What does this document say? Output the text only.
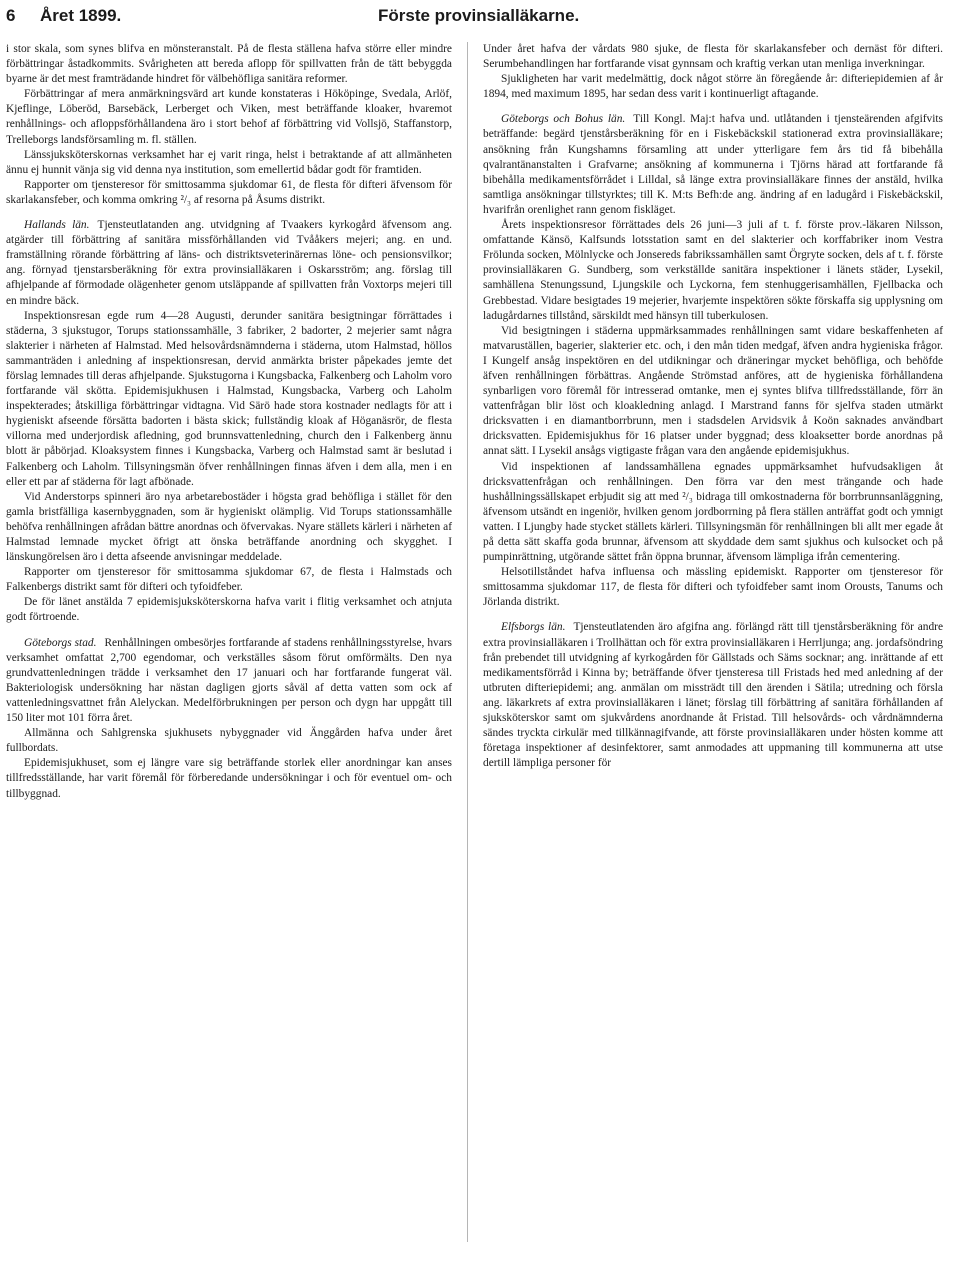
6 Året 1899.	Förste provinsialläkarne.

i stor skala, som synes blifva en mönsteranstalt. På de flesta ställena hafva större eller mindre förbättringar åstadkommits. Svårigheten att bereda aflopp för spillvatten från de tätt bebyggda byarne är det mest framträdande hindret för välbehöfliga sanitära reformer.

Förbättringar af mera anmärkningsvärd art kunde konstateras i Hököpinge, Svedala, Arlöf, Kjeflinge, Löberöd, Barsebäck, Lerberget och Viken, mest beträffande kloaker, hvaremot renhållnings- och afloppsförhållandena äro i stort behof af förbättring vid Vollsjö, Staffanstorp, Trelleborgs landsförsamling m. fl. ställen.

Länssjuksköterskornas verksamhet har ej varit ringa, helst i betraktande af att allmänheten ännu ej hunnit vänja sig vid denna nya institution, som emellertid bådar godt för framtiden.

Rapporter om tjensteresor för smittosamma sjukdomar 61, de flesta för difteri äfvensom för skarlakansfeber, och komma omkring ²/₃ af resorna på Åsums distrikt.

Hallands län. Tjensteutlatanden ang. utvidgning af Tvaakers kyrkogård äfvensom ang. atgärder till förbättring af sanitära missförhållanden vid Tvååkers mejeri; ang. en und. framställning rörande förbättring af läns- och distriktsveterinärernas löne- och pensionsvilkor; ang. förnyad tjenstarsberäkning för extra provinsialläkaren i Oskarsström; ang. förslag till afhjelpande af förmodade olägenheter genom utsläppande af spillvatten från Voxtorps mejeri till en mindre bäck.

Inspektionsresan egde rum 4—28 Augusti, derunder sanitära besigtningar förrättades i städerna, 3 sjukstugor, Torups stationssamhälle, 3 fabriker, 2 badorter, 2 mejerier samt några slakterier i närheten af Halmstad. Med helsovårdsnämnderna i städerna, utom Halmstad, höllos sammanträden i anledning af inspektionsresan, dervid anmärkta brister påpekades jemte det förslag lemnades till deras afhjelpande. Sjukstugorna i Kungsbacka, Falkenberg och Laholm voro fortfarande väl skötta. Epidemisjukhusen i Halmstad, Kungsbacka, Varberg och Laholm inspekterades; åtskilliga förbättringar vidtagna. Vid Särö hade stora kostnader nedlagts för att i hygieniskt afseende försätta badorten i bästa skick; fullständig kloak af Höganäsrör, de flesta villorna med underjordisk afledning, god brunnsvattenledning, church den i Falkenberg ännu blott är påbörjad. Kloaksystem finnes i Kungsbacka, Varberg och Halmstad samt är beslutad i Falkenberg och Laholm. Tillsyningsmän öfver renhållningen finnas äfven i dem alla, men i en eller ett par af städerna för lagt afbönade.

Vid Anderstorps spinneri äro nya arbetarebostäder i högsta grad behöfliga i stället för den gamla bristfälliga kasernbyggnaden, som är hygieniskt olämplig. Vid Torups stationssamhälle behöfva renhållningen afrådan bättre anordnas och öfvervakas. Nyare ställets kärleri i närheten af Halmstad lemnade mycket öfrigt att önska beträffande anordning och skygghet. I länskungörelsen äro i detta afseende anvisningar meddelade.

Rapporter om tjensteresor för smittosamma sjukdomar 67, de flesta i Halmstads och Falkenbergs distrikt samt för difteri och tyfoidfeber.

De för länet anstälda 7 epidemisjuksköterskorna hafva varit i flitig verksamhet och atnjuta godt förtroende.

Göteborgs stad. Renhållningen ombesörjes fortfarande af stadens renhållningsstyrelse, hvars verksamhet omfattat 2,700 egendomar, och verkställes såsom förut omförmälts. Den nya grundvattenledningen trädde i verksamhet den 17 januari och har fortfarande fungerat väl. Bakteriologisk undersökning har nästan dagligen gjorts såväl af detta vatten som ock af vattenledningsvattnet från Alelyckan. Medelförbrukningen per person och dygn har uppgått till 150 liter mot 101 förra året.

Allmänna och Sahlgrenska sjukhusets nybyggnader vid Änggården hafva under året fullbordats.

Epidemisjukhuset, som ej längre vare sig beträffande storlek eller anordningar kan anses tillfredsställande, har varit föremål för förberedande undersökningar i och för eventuel om- och tillbyggnad.

Under året hafva der vårdats 980 sjuke, de flesta för skarlakansfeber och dernäst för difteri. Serumbehandlingen har fortfarande visat gynnsam och kraftig verkan utan menliga inverkningar.

Sjukligheten har varit medelmättig, dock något större än föregående år: difteriepidemien af år 1894, med maximum 1895, har sedan dess varit i kontinuerligt aftagande.

Göteborgs och Bohus län. Till Kongl. Maj:t hafva und. utlåtanden i tjensteärenden afgifvits beträffande: begärd tjenstårsberäkning för en i Fiskebäckskil stationerad extra provinsialläkare; ansökning från Kungshamns församling att under ytterligare fem års tid få bibehålla qvalrantänanstalten i Grafvarne; ansökning af kommunerna i Tjörns härad att fortfarande få bibehålla medikamentsförrådet i Lilldal, så länge extra provinsialläkare finnes der anstäld, hvilka samtliga ansökningar tillstyrktes; till K. M:ts Befh:de ang. ändring af en ladugård i Fiskebäckskil, hvarifrån orenlighet rann genom fiskläget.

Årets inspektionsresor förrättades dels 26 juni—3 juli af t. f. förste prov.-läkaren Nilsson, omfattande Känsö, Kalfsunds lotsstation samt en del slakterier och korffabriker inom Vestra Frölunda socken, Mölnlycke och Jonsereds fabrikssamhällen samt Örgryte socken, dels af t. f. förste provinsialläkaren G. Sundberg, som verkställde sanitära inspektioner i länets städer, Lysekil, samhällena Stenungssund, Ljungskile och Lyckorna, fem stenhuggerisamhällen, Fjellbacka och Grebbestad. Vidare besigtades 19 mejerier, hvarjemte inspektören sökte förskaffa sig upplysning om ladugårdarnes tillstånd, särskildt med hänsyn till tuberkulosen.

Vid besigtningen i städerna uppmärksammades renhållningen samt vidare beskaffenheten af matvaruställen, bagerier, slakterier etc. och, i den mån tiden medgaf, äfven andra hygieniska frågor. I Kungelf ansåg inspektören en del utdikningar och dräneringar mycket behöfliga, och behöfde äfven renhållningen förbättras. Angående Strömstad anföres, att de hygieniska förhållandena synbarligen voro föremål för intresserad omtanke, men ej syntes blifva tillfredsställande, förr än vattenfrågan blir löst och kloakledning anlagd. I Marstrand fanns för sjelfva staden utmärkt dricksvatten i en diamantborrbrunn, men i stadsdelen Arvidsvik å Koön saknades användbart dricksvatten. Epidemisjukhus för 16 platser under byggnad; dess kloaksetter borde anordnas på annat sätt. I Lysekil ansågs vigtigaste frågan vara den angående epidemisjukhus.

Vid inspektionen af landssamhällena egnades uppmärksamhet hufvudsakligen åt dricksvattenfrågan och renhållningen. Den förra var den mest trängande och hade hushållningssällskapet erbjudit sig att med ²/₃ bidraga till omkostnaderna för borrbrunnsanläggning, äfvensom utsändt en ingeniör, hvilken genom jordborrning på flera ställen anträffat godt och ymnigt vatten. I Ljungby hade stycket ställets kärleri. Tillsyningsmän för renhållningen bli allt mer egade åt på detta sätt skaffa goda brunnar, äfvensom att skyddade dem samt sjukhus och kulsocket och på pumpinrättning, utgörande sättet från öppna brunnar, äfvensom lämpliga ifrån cementering.

Helsotillståndet hafva influensa och mässling epidemiskt. Rapporter om tjensteresor för smittosamma sjukdomar 117, de flesta för difteri och tyfoidfeber samt inom Orousts, Tanums och Jörlanda distrikt.

Elfsborgs län. Tjensteutlatenden äro afgifna ang. förlängd rätt till tjenstårsberäkning för andre extra provinsialläkaren i Trollhättan och för extra provinsialläkaren i Herrljunga; ang. jordafsöndring från prebendet till utvidgning af kyrkogården för Gällstads och Säms socknar; ang. inrättande af ett medikamentsförråd i Kinna by; beträffande öfver tjensteresa till Fristads hed med anledning af der utbruten difteriepidemi; ang. anmälan om missträdt till den ärenden i Sätila; utredning och försla ang. läkarkrets af extra provinsialläkaren i länet; förslag till förbättring af sanitära förhållanden af sjuksköterskor samt om sjukvårdens anordnande åt Fristad. Till helsovårds- och vårdnämnderna sändes tryckta cirkulär med tillkännagifvande, att förste provinsialläkaren under hösten komme att företaga inspektioner af desinfektorer, samt anmodades att uppmaning till kommunerna att utse dertill lämpliga personer för
